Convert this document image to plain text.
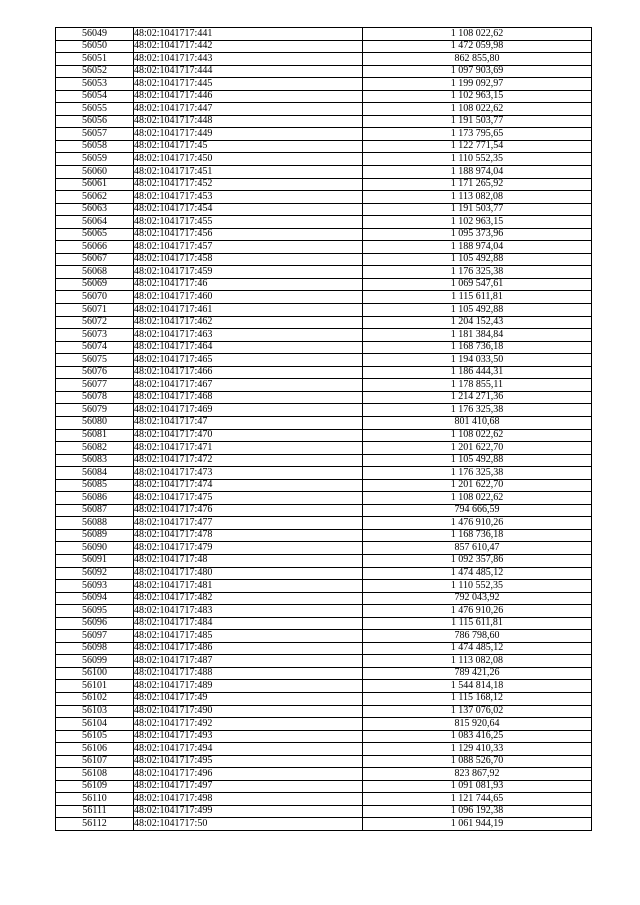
56049	48:02:1041717:441	1 108 022,62
56050	48:02:1041717:442	1 472 059,98
56051	48:02:1041717:443	862 855,80
56052	48:02:1041717:444	1 097 903,69
56053	48:02:1041717:445	1 199 092,97
56054	48:02:1041717:446	1 102 963,15
56055	48:02:1041717:447	1 108 022,62
56056	48:02:1041717:448	1 191 503,77
56057	48:02:1041717:449	1 173 795,65
56058	48:02:1041717:45	1 122 771,54
56059	48:02:1041717:450	1 110 552,35
56060	48:02:1041717:451	1 188 974,04
56061	48:02:1041717:452	1 171 265,92
56062	48:02:1041717:453	1 113 082,08
56063	48:02:1041717:454	1 191 503,77
56064	48:02:1041717:455	1 102 963,15
56065	48:02:1041717:456	1 095 373,96
56066	48:02:1041717:457	1 188 974,04
56067	48:02:1041717:458	1 105 492,88
56068	48:02:1041717:459	1 176 325,38
56069	48:02:1041717:46	1 069 547,61
56070	48:02:1041717:460	1 115 611,81
56071	48:02:1041717:461	1 105 492,88
56072	48:02:1041717:462	1 204 152,43
56073	48:02:1041717:463	1 181 384,84
56074	48:02:1041717:464	1 168 736,18
56075	48:02:1041717:465	1 194 033,50
56076	48:02:1041717:466	1 186 444,31
56077	48:02:1041717:467	1 178 855,11
56078	48:02:1041717:468	1 214 271,36
56079	48:02:1041717:469	1 176 325,38
56080	48:02:1041717:47	801 410,68
56081	48:02:1041717:470	1 108 022,62
56082	48:02:1041717:471	1 201 622,70
56083	48:02:1041717:472	1 105 492,88
56084	48:02:1041717:473	1 176 325,38
56085	48:02:1041717:474	1 201 622,70
56086	48:02:1041717:475	1 108 022,62
56087	48:02:1041717:476	794 666,59
56088	48:02:1041717:477	1 476 910,26
56089	48:02:1041717:478	1 168 736,18
56090	48:02:1041717:479	857 610,47
56091	48:02:1041717:48	1 092 357,86
56092	48:02:1041717:480	1 474 485,12
56093	48:02:1041717:481	1 110 552,35
56094	48:02:1041717:482	792 043,92
56095	48:02:1041717:483	1 476 910,26
56096	48:02:1041717:484	1 115 611,81
56097	48:02:1041717:485	786 798,60
56098	48:02:1041717:486	1 474 485,12
56099	48:02:1041717:487	1 113 082,08
56100	48:02:1041717:488	789 421,26
56101	48:02:1041717:489	1 544 814,18
56102	48:02:1041717:49	1 115 168,12
56103	48:02:1041717:490	1 137 076,02
56104	48:02:1041717:492	815 920,64
56105	48:02:1041717:493	1 083 416,25
56106	48:02:1041717:494	1 129 410,33
56107	48:02:1041717:495	1 088 526,70
56108	48:02:1041717:496	823 867,92
56109	48:02:1041717:497	1 091 081,93
56110	48:02:1041717:498	1 121 744,65
56111	48:02:1041717:499	1 096 192,38
56112	48:02:1041717:50	1 061 944,19
